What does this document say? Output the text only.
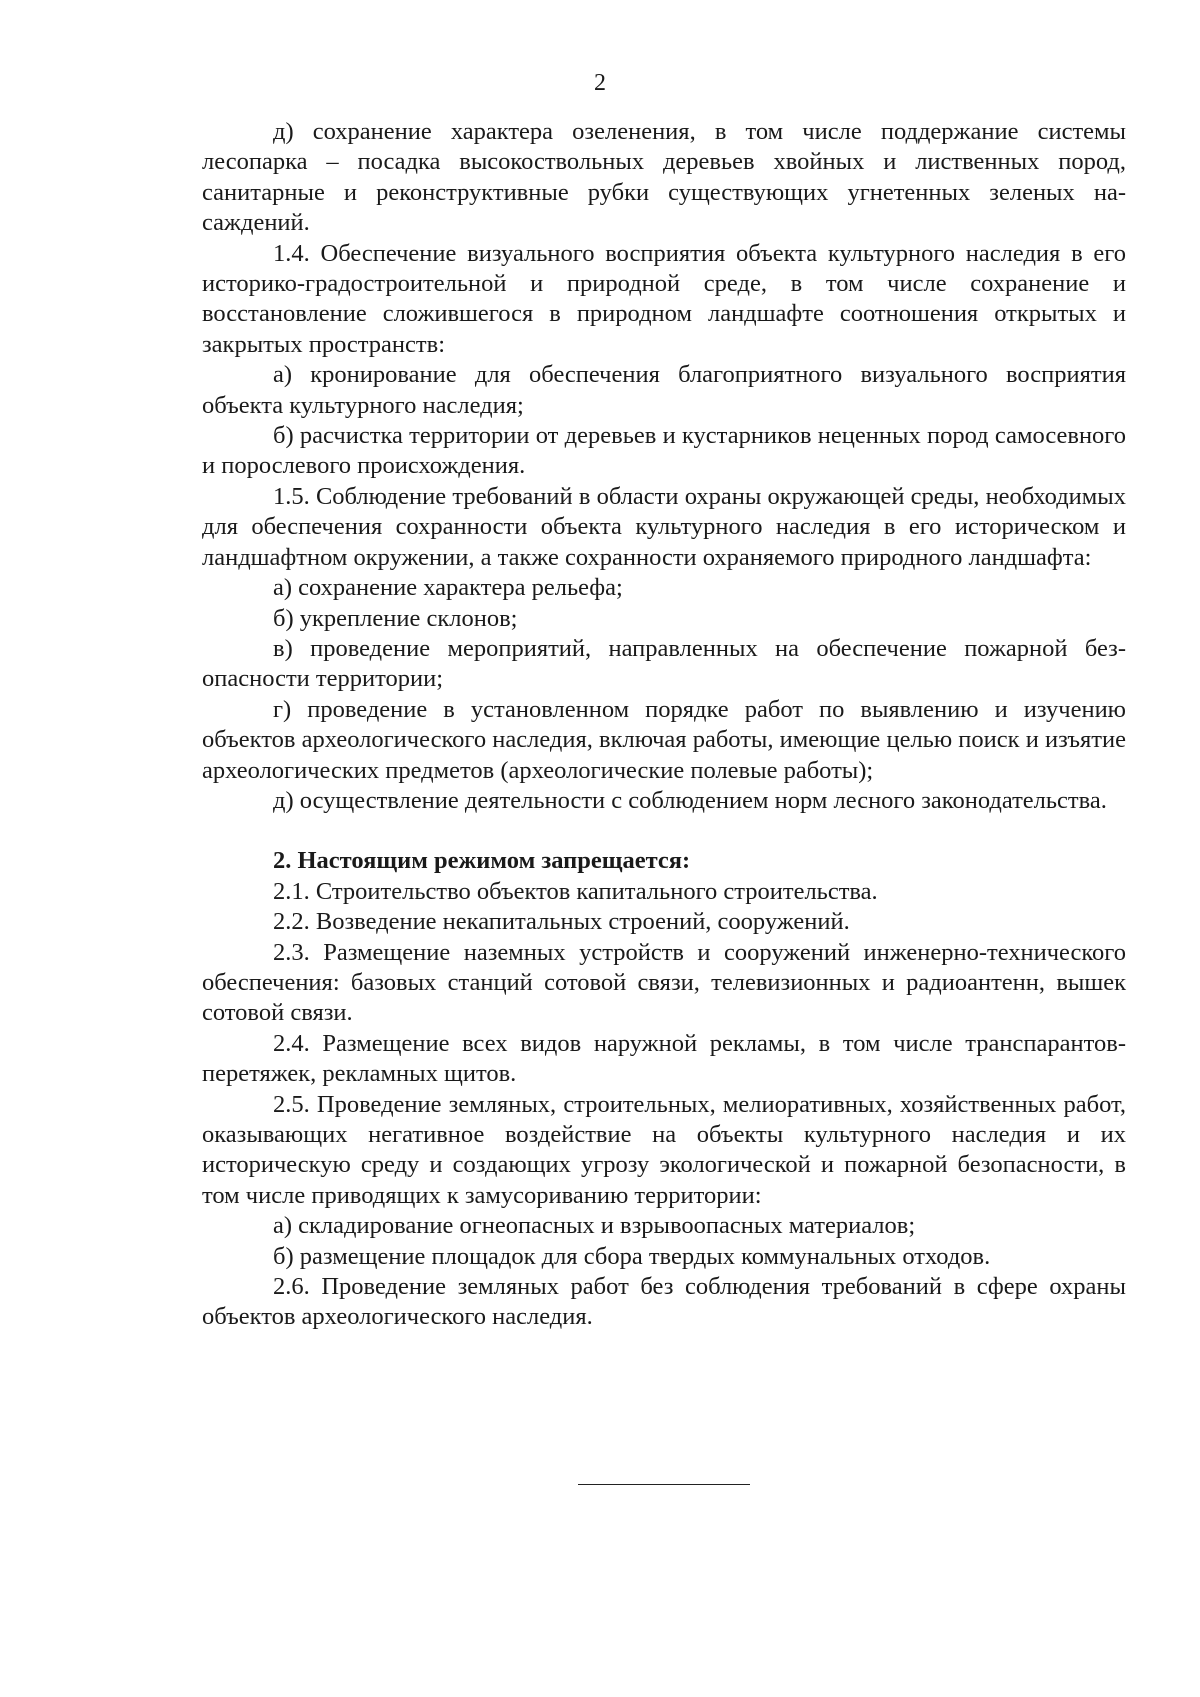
2

д) сохранение характера озеленения, в том числе поддержание системы лесопарка – посадка высокоствольных деревьев хвойных и лиственных пород, санитарные и реконструктивные рубки существующих угнетенных зеленых насаждений.

1.4. Обеспечение визуального восприятия объекта культурного наследия в его историко-градостроительной и природной среде, в том числе сохранение и восстановление сложившегося в природном ландшафте соотношения открытых и закрытых пространств:

а) кронирование для обеспечения благоприятного визуального восприятия объекта культурного наследия;

б) расчистка территории от деревьев и кустарников неценных пород самосевного и порослевого происхождения.

1.5. Соблюдение требований в области охраны окружающей среды, необходимых для обеспечения сохранности объекта культурного наследия в его историческом и ландшафтном окружении, а также сохранности охраняемого природного ландшафта:

а) сохранение характера рельефа;

б) укрепление склонов;

в) проведение мероприятий, направленных на обеспечение пожарной безопасности территории;

г) проведение в установленном порядке работ по выявлению и изучению объектов археологического наследия, включая работы, имеющие целью поиск и изъятие археологических предметов (археологические полевые работы);

д) осуществление деятельности с соблюдением норм лесного законодательства.

2. Настоящим режимом запрещается:

2.1. Строительство объектов капитального строительства.

2.2. Возведение некапитальных строений, сооружений.

2.3. Размещение наземных устройств и сооружений инженерно-технического обеспечения: базовых станций сотовой связи, телевизионных и радиоантенн, вышек сотовой связи.

2.4. Размещение всех видов наружной рекламы, в том числе транспарантов-перетяжек, рекламных щитов.

2.5. Проведение земляных, строительных, мелиоративных, хозяйственных работ, оказывающих негативное воздействие на объекты культурного наследия и их историческую среду и создающих угрозу экологической и пожарной безопасности, в том числе приводящих к замусориванию территории:

а) складирование огнеопасных и взрывоопасных материалов;

б) размещение площадок для сбора твердых коммунальных отходов.

2.6. Проведение земляных работ без соблюдения требований в сфере охраны объектов археологического наследия.
